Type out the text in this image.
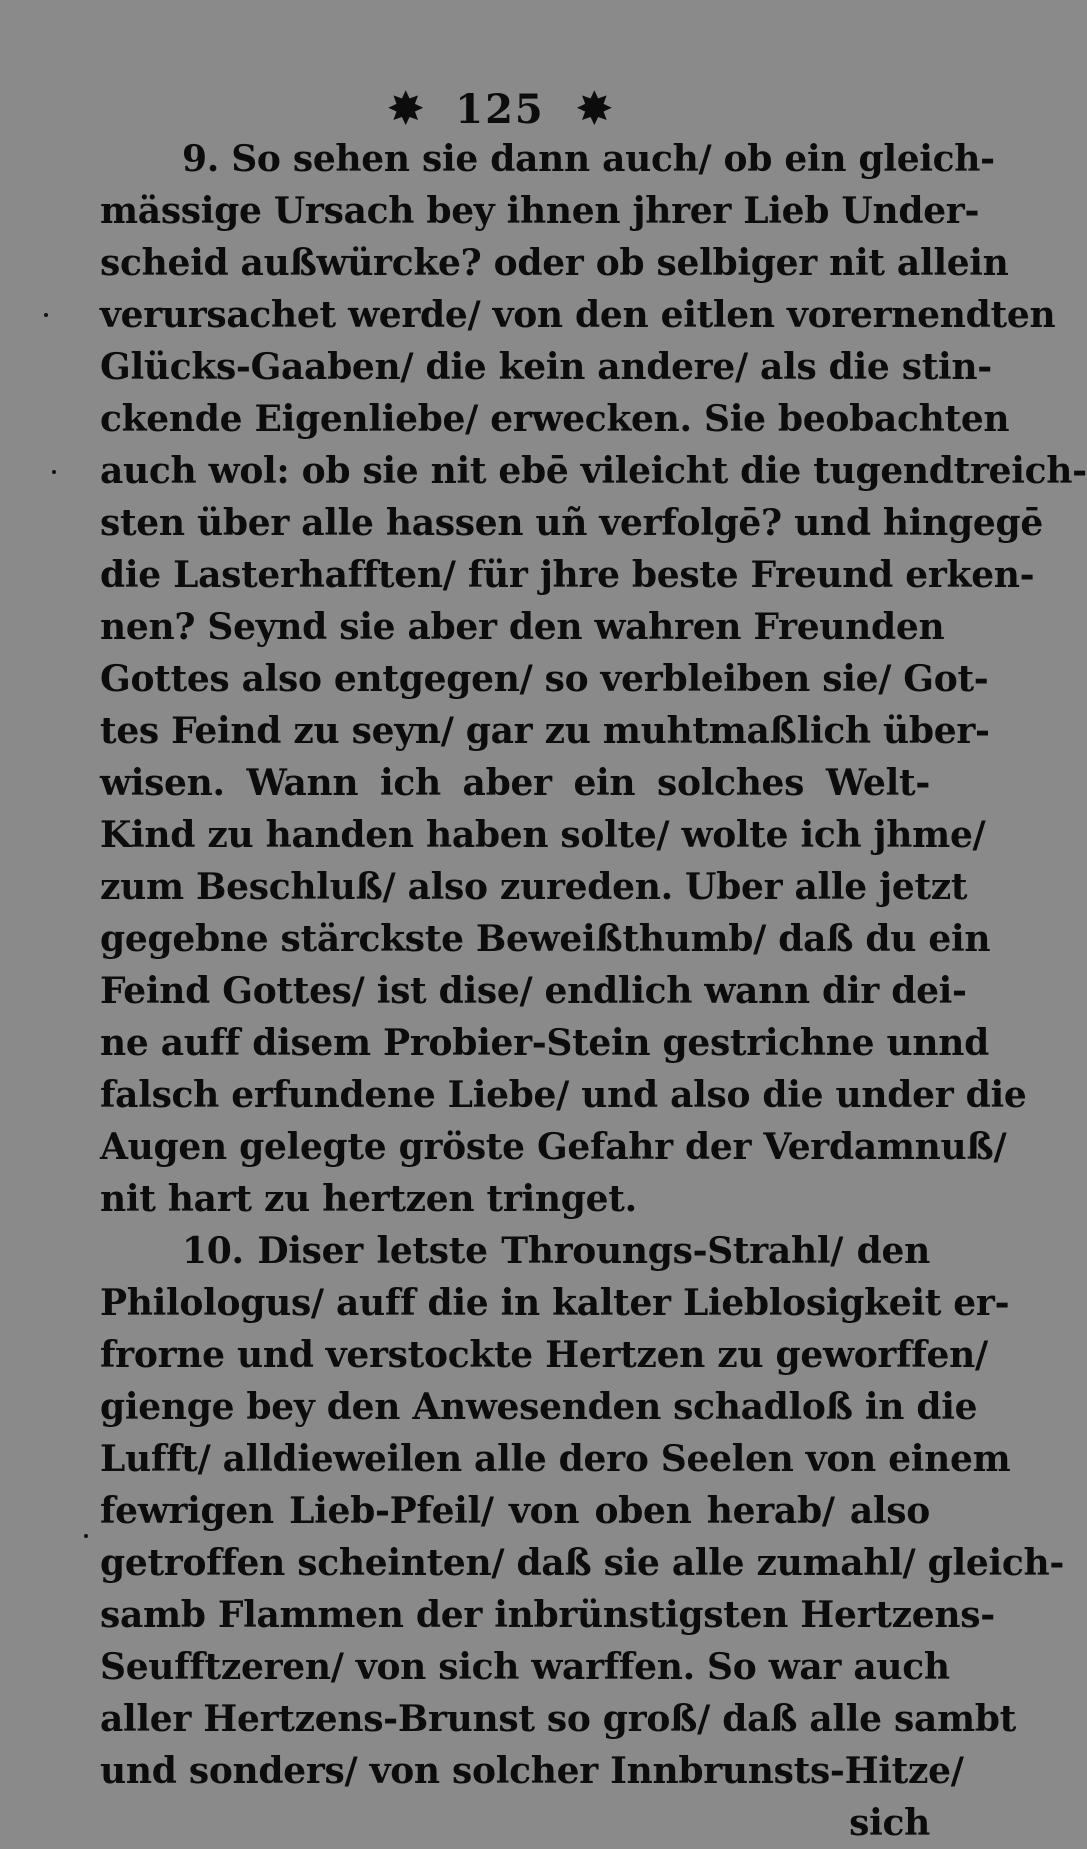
✸ 125 ✸
9. So sehen sie dann auch/ ob ein gleich-
mässige Ursach bey ihnen jhrer Lieb Under-
scheid außwürcke? oder ob selbiger nit allein
verursachet werde/ von den eitlen vorernendten
Glücks-Gaaben/ die kein andere/ als die stin-
ckende Eigenliebe/ erwecken. Sie beobachten
auch wol: ob sie nit ebē vileicht die tugendtreich-
sten über alle hassen uñ verfolgē? und hingegē
die Lasterhafften/ für jhre beste Freund erken-
nen? Seynd sie aber den wahren Freunden
Gottes also entgegen/ so verbleiben sie/ Got-
tes Feind zu seyn/ gar zu muhtmaßlich über-
wisen. Wann ich aber ein solches Welt-
Kind zu handen haben solte/ wolte ich jhme/
zum Beschluß/ also zureden. Uber alle jetzt
gegebne stärckste Beweißthumb/ daß du ein
Feind Gottes/ ist dise/ endlich wann dir dei-
ne auff disem Probier-Stein gestrichne unnd
falsch erfundene Liebe/ und also die under die
Augen gelegte gröste Gefahr der Verdamnuß/
nit hart zu hertzen tringet.
10. Diser letste Throungs-Strahl/ den
Philologus/ auff die in kalter Lieblosigkeit er-
frorne und verstockte Hertzen zu geworffen/
gienge bey den Anwesenden schadloß in die
Lufft/ alldieweilen alle dero Seelen von einem
fewrigen Lieb-Pfeil/ von oben herab/ also
getroffen scheinten/ daß sie alle zumahl/ gleich-
samb Flammen der inbrünstigsten Hertzens-
Seufftzeren/ von sich warffen. So war auch
aller Hertzens-Brunst so groß/ daß alle sambt
und sonders/ von solcher Innbrunsts-Hitze/
sich
